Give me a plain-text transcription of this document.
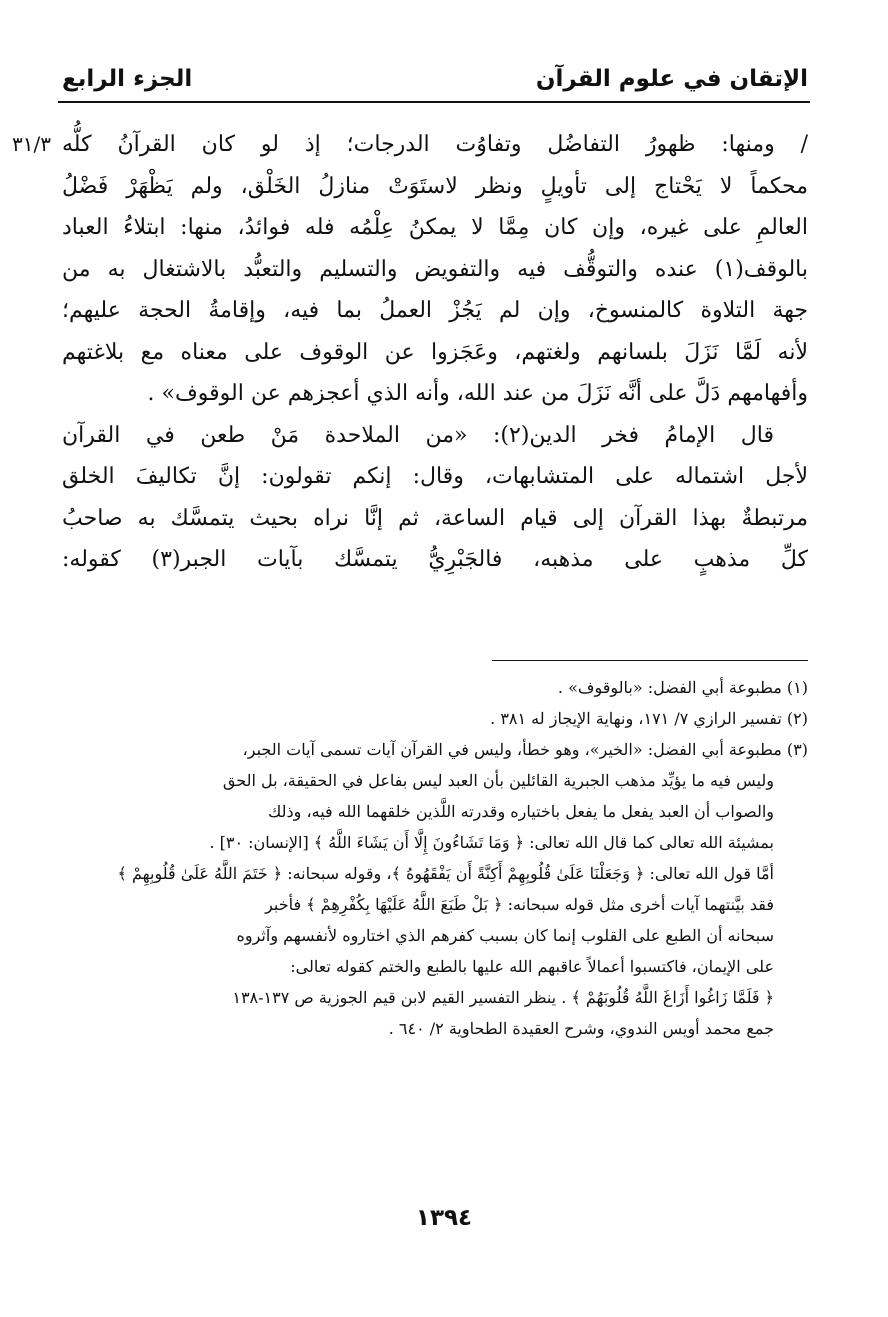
الإتقان في علوم القرآن
الجزء الرابع
٣١/٣ / ومنها: ظهورُ التفاضُل وتفاوُت الدرجات؛ إذ لو كان القرآنُ كلُّه

محكماً لا يَحْتاج إلى تأويلٍ ونظر لاستَوَتْ منازلُ الخَلْق، ولم يَظْهَرْ فَضْلُ

العالمِ على غيره، وإن كان مِمَّا لا يمكنُ عِلْمُه فله فوائدُ، منها: ابتلاءُ العباد

بالوقف(١) عنده والتوقُّف فيه والتفويض والتسليم والتعبُّد بالاشتغال به من

جهة التلاوة كالمنسوخ، وإن لم يَجُزْ العملُ بما فيه، وإقامةُ الحجة عليهم؛

لأنه لَمَّا نَزَلَ بلسانهم ولغتهم، وعَجَزوا عن الوقوف على معناه مع بلاغتهم

وأفهامهم دَلَّ على أنَّه نَزَلَ من عند الله، وأنه الذي أعجزهم عن الوقوف» .

قال الإمامُ فخر الدين(٢): «من الملاحدة مَنْ طعن في القرآن

لأجل اشتماله على المتشابهات، وقال: إنكم تقولون: إنَّ تكاليفَ الخلق

مرتبطةٌ بهذا القرآن إلى قيام الساعة، ثم إنَّا نراه بحيث يتمسَّك به صاحبُ

كلِّ مذهبٍ على مذهبه، فالجَبْرِيُّ يتمسَّك بآيات الجبر(٣) كقوله:

(١) مطبوعة أبي الفضل: «بالوقوف» .

(٢) تفسير الرازي ٧/ ١٧١، ونهاية الإيجاز له ٣٨١ .

(٣) مطبوعة أبي الفضل: «الخير»، وهو خطأ، وليس في القرآن آيات تسمى آيات الجبر،

وليس فيه ما يؤيِّد مذهب الجبرية القائلين بأن العبد ليس بفاعل في الحقيقة، بل الحق

والصواب أن العبد يفعل ما يفعل باختياره وقدرته اللَّذين خلقهما الله فيه، وذلك

بمشيئة الله تعالى كما قال الله تعالى: ﴿ وَمَا تَشَاءُونَ إِلَّا أَن يَشَاءَ اللَّهُ ﴾ [الإنسان: ٣٠] .

أمَّا قول الله تعالى: ﴿ وَجَعَلْنَا عَلَىٰ قُلُوبِهِمْ أَكِنَّةً أَن يَفْقَهُوهُ ﴾، وقوله سبحانه: ﴿ خَتَمَ اللَّهُ عَلَىٰ قُلُوبِهِمْ ﴾

فقد بيَّنتهما آيات أخرى مثل قوله سبحانه: ﴿ بَلْ طَبَعَ اللَّهُ عَلَيْهَا بِكُفْرِهِمْ ﴾ فأخبر

سبحانه أن الطبع على القلوب إنما كان بسبب كفرهم الذي اختاروه لأنفسهم وآثروه

على الإيمان، فاكتسبوا أعمالاً عاقبهم الله عليها بالطبع والختم كقوله تعالى:

﴿ فَلَمَّا زَاغُوا أَزَاغَ اللَّهُ قُلُوبَهُمْ ﴾ . ينظر التفسير القيم لابن قيم الجوزية ص ١٣٧-١٣٨

جمع محمد أويس الندوي، وشرح العقيدة الطحاوية ٢/ ٦٤٠ .

١٣٩٤
